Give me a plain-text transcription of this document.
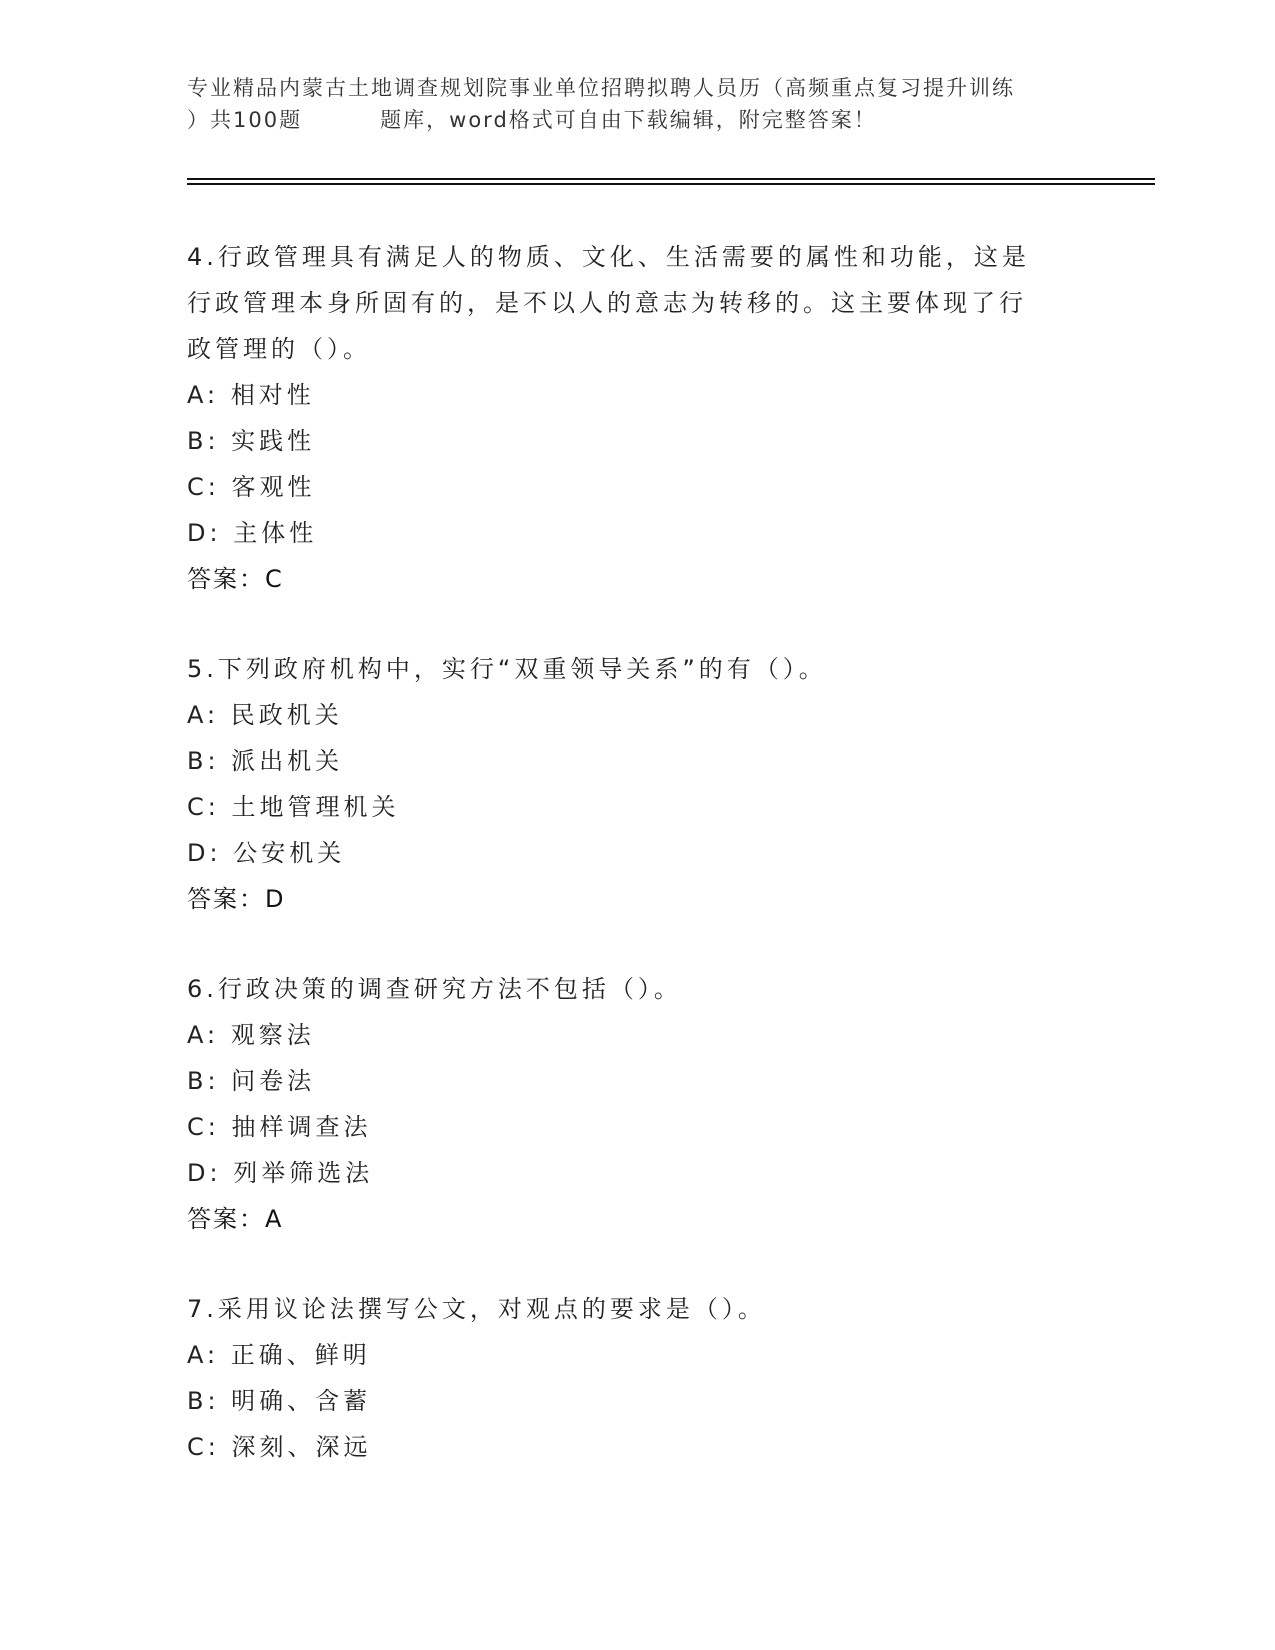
专业精品内蒙古土地调查规划院事业单位招聘拟聘人员历（高频重点复习提升训练
）共100题         题库，word格式可自由下载编辑，附完整答案！
4.行政管理具有满足人的物质、文化、生活需要的属性和功能，这是
行政管理本身所固有的，是不以人的意志为转移的。这主要体现了行
政管理的（）。
A: 相对性
B: 实践性
C: 客观性
D: 主体性
答案：C
5.下列政府机构中，实行“双重领导关系”的有（）。
A: 民政机关
B: 派出机关
C: 土地管理机关
D: 公安机关
答案：D
6.行政决策的调查研究方法不包括（）。
A: 观察法
B: 问卷法
C: 抽样调查法
D: 列举筛选法
答案：A
7.采用议论法撰写公文，对观点的要求是（）。
A: 正确、鲜明
B: 明确、含蓄
C: 深刻、深远
